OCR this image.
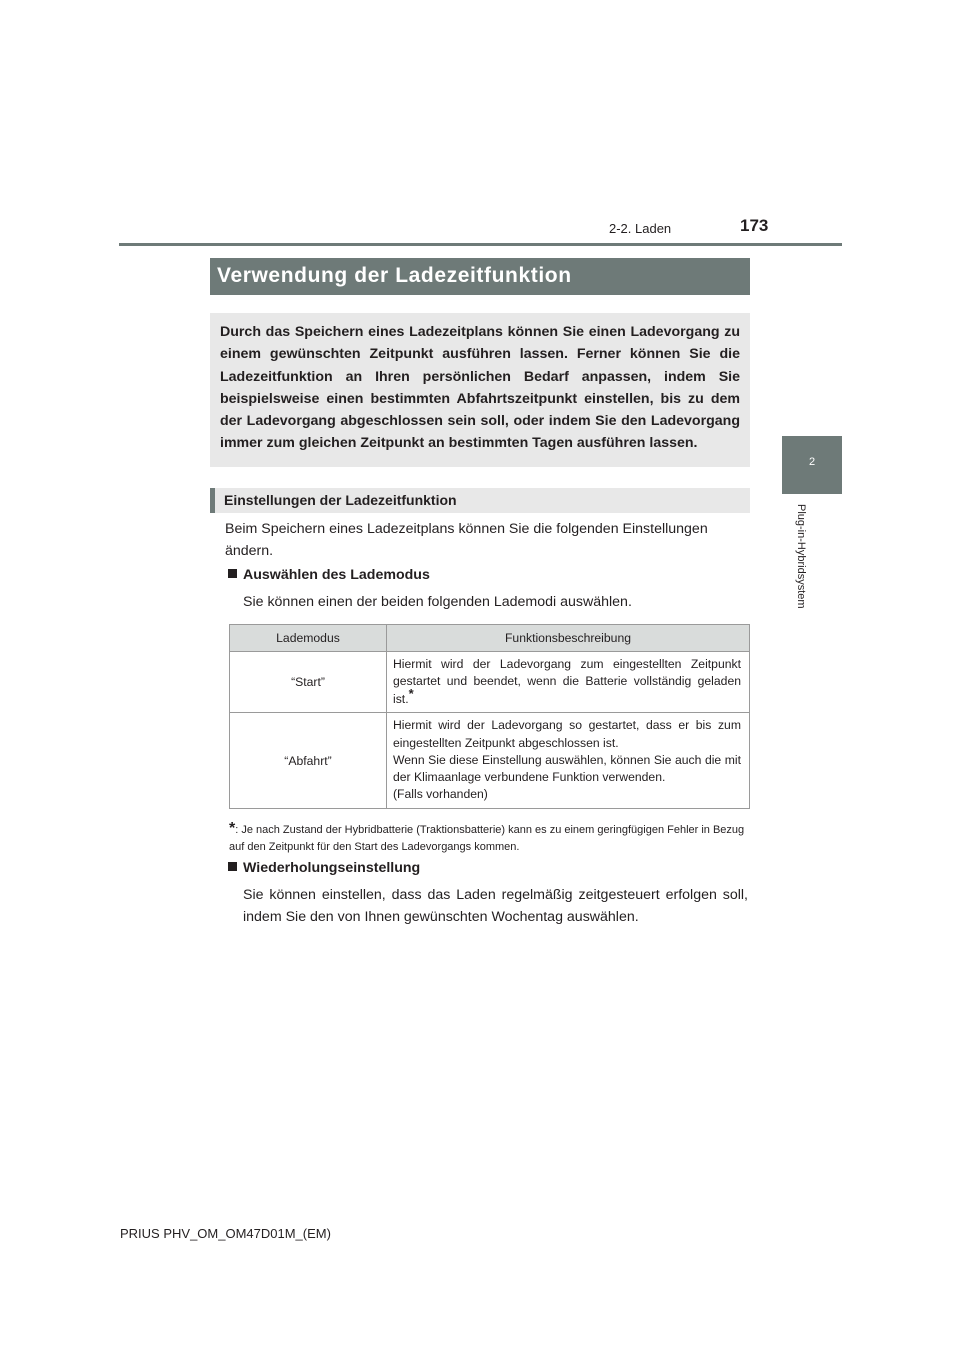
2-2. Laden	173
2
Plug-in-Hybridsystem
Verwendung der Ladezeitfunktion
Durch das Speichern eines Ladezeitplans können Sie einen Ladevorgang zu einem gewünschten Zeitpunkt ausführen lassen. Ferner können Sie die Ladezeitfunktion an Ihren persönlichen Bedarf anpassen, indem Sie beispielsweise einen bestimmten Abfahrtszeitpunkt einstellen, bis zu dem der Ladevorgang abgeschlossen sein soll, oder indem Sie den Ladevorgang immer zum gleichen Zeitpunkt an bestimmten Tagen ausführen lassen.
Einstellungen der Ladezeitfunktion
Beim Speichern eines Ladezeitplans können Sie die folgenden Einstellungen ändern.
Auswählen des Lademodus
Sie können einen der beiden folgenden Lademodi auswählen.
Lademodus	Funktionsbeschreibung
“Start”	Hiermit wird der Ladevorgang zum eingestellten Zeitpunkt gestartet und beendet, wenn die Batterie vollständig geladen ist.*
“Abfahrt”	Hiermit wird der Ladevorgang so gestartet, dass er bis zum eingestellten Zeitpunkt abgeschlossen ist.
Wenn Sie diese Einstellung auswählen, können Sie auch die mit der Klimaanlage verbundene Funktion verwenden.
(Falls vorhanden)
*: Je nach Zustand der Hybridbatterie (Traktionsbatterie) kann es zu einem geringfügigen Fehler in Bezug auf den Zeitpunkt für den Start des Ladevorgangs kommen.
Wiederholungseinstellung
Sie können einstellen, dass das Laden regelmäßig zeitgesteuert erfolgen soll, indem Sie den von Ihnen gewünschten Wochentag auswählen.
PRIUS PHV_OM_OM47D01M_(EM)
